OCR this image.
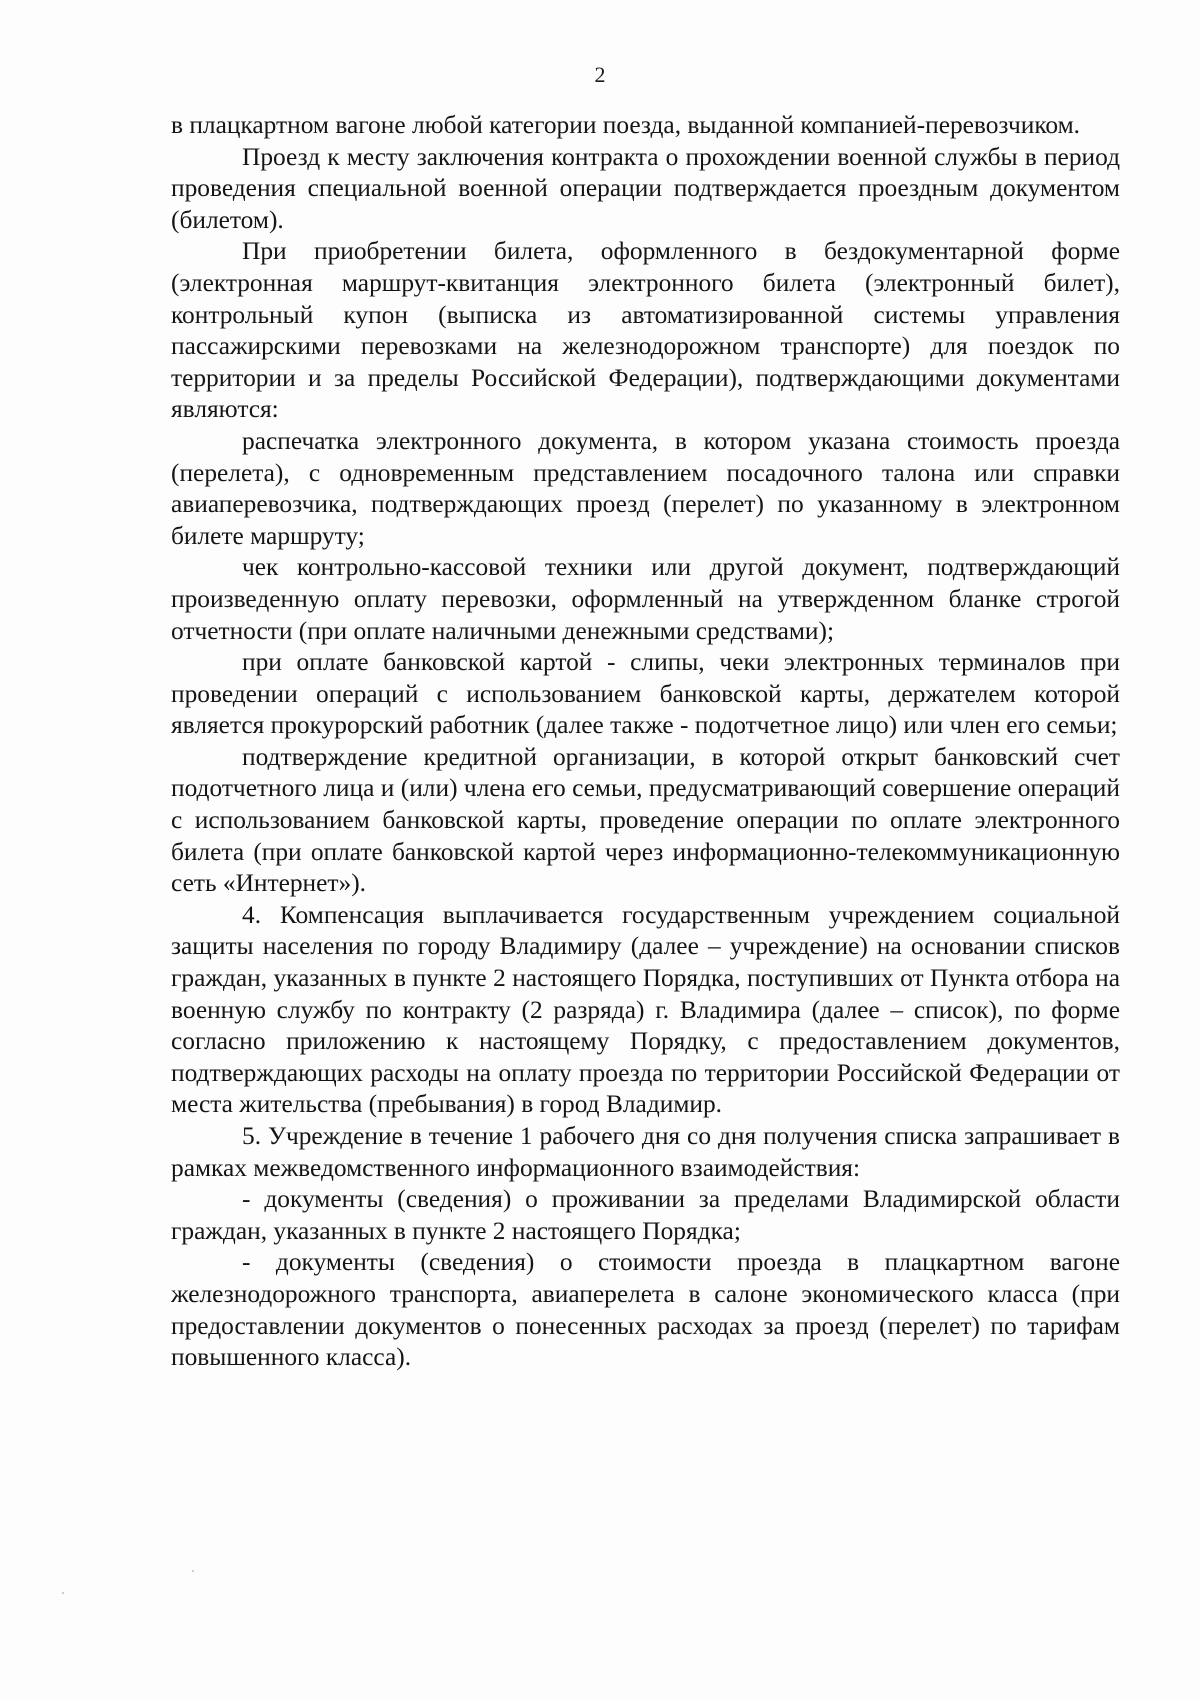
2

в плацкартном вагоне любой категории поезда, выданной компанией-перевозчиком.

Проезд к месту заключения контракта о прохождении военной службы в период проведения специальной военной операции подтверждается проездным документом (билетом).

При приобретении билета, оформленного в бездокументарной форме (электронная маршрут-квитанция электронного билета (электронный билет), контрольный купон (выписка из автоматизированной системы управления пассажирскими перевозками на железнодорожном транспорте) для поездок по территории и за пределы Российской Федерации), подтверждающими документами являются:

распечатка электронного документа, в котором указана стоимость проезда (перелета), с одновременным представлением посадочного талона или справки авиаперевозчика, подтверждающих проезд (перелет) по указанному в электронном билете маршруту;

чек контрольно-кассовой техники или другой документ, подтверждающий произведенную оплату перевозки, оформленный на утвержденном бланке строгой отчетности (при оплате наличными денежными средствами);

при оплате банковской картой - слипы, чеки электронных терминалов при проведении операций с использованием банковской карты, держателем которой является прокурорский работник (далее также - подотчетное лицо) или член его семьи;

подтверждение кредитной организации, в которой открыт банковский счет подотчетного лица и (или) члена его семьи, предусматривающий совершение операций с использованием банковской карты, проведение операции по оплате электронного билета (при оплате банковской картой через информационно-телекоммуникационную сеть «Интернет»).

4. Компенсация выплачивается государственным учреждением социальной защиты населения по городу Владимиру (далее – учреждение) на основании списков граждан, указанных в пункте 2 настоящего Порядка, поступивших от Пункта отбора на военную службу по контракту (2 разряда) г. Владимира (далее – список), по форме согласно приложению к настоящему Порядку, с предоставлением документов, подтверждающих расходы на оплату проезда по территории Российской Федерации от места жительства (пребывания) в город Владимир.

5. Учреждение в течение 1 рабочего дня со дня получения списка запрашивает в рамках межведомственного информационного взаимодействия:

- документы (сведения) о проживании за пределами Владимирской области граждан, указанных в пункте 2 настоящего Порядка;

- документы (сведения) о стоимости проезда в плацкартном вагоне железнодорожного транспорта, авиаперелета в салоне экономического класса (при предоставлении документов о понесенных расходах за проезд (перелет) по тарифам повышенного класса).
